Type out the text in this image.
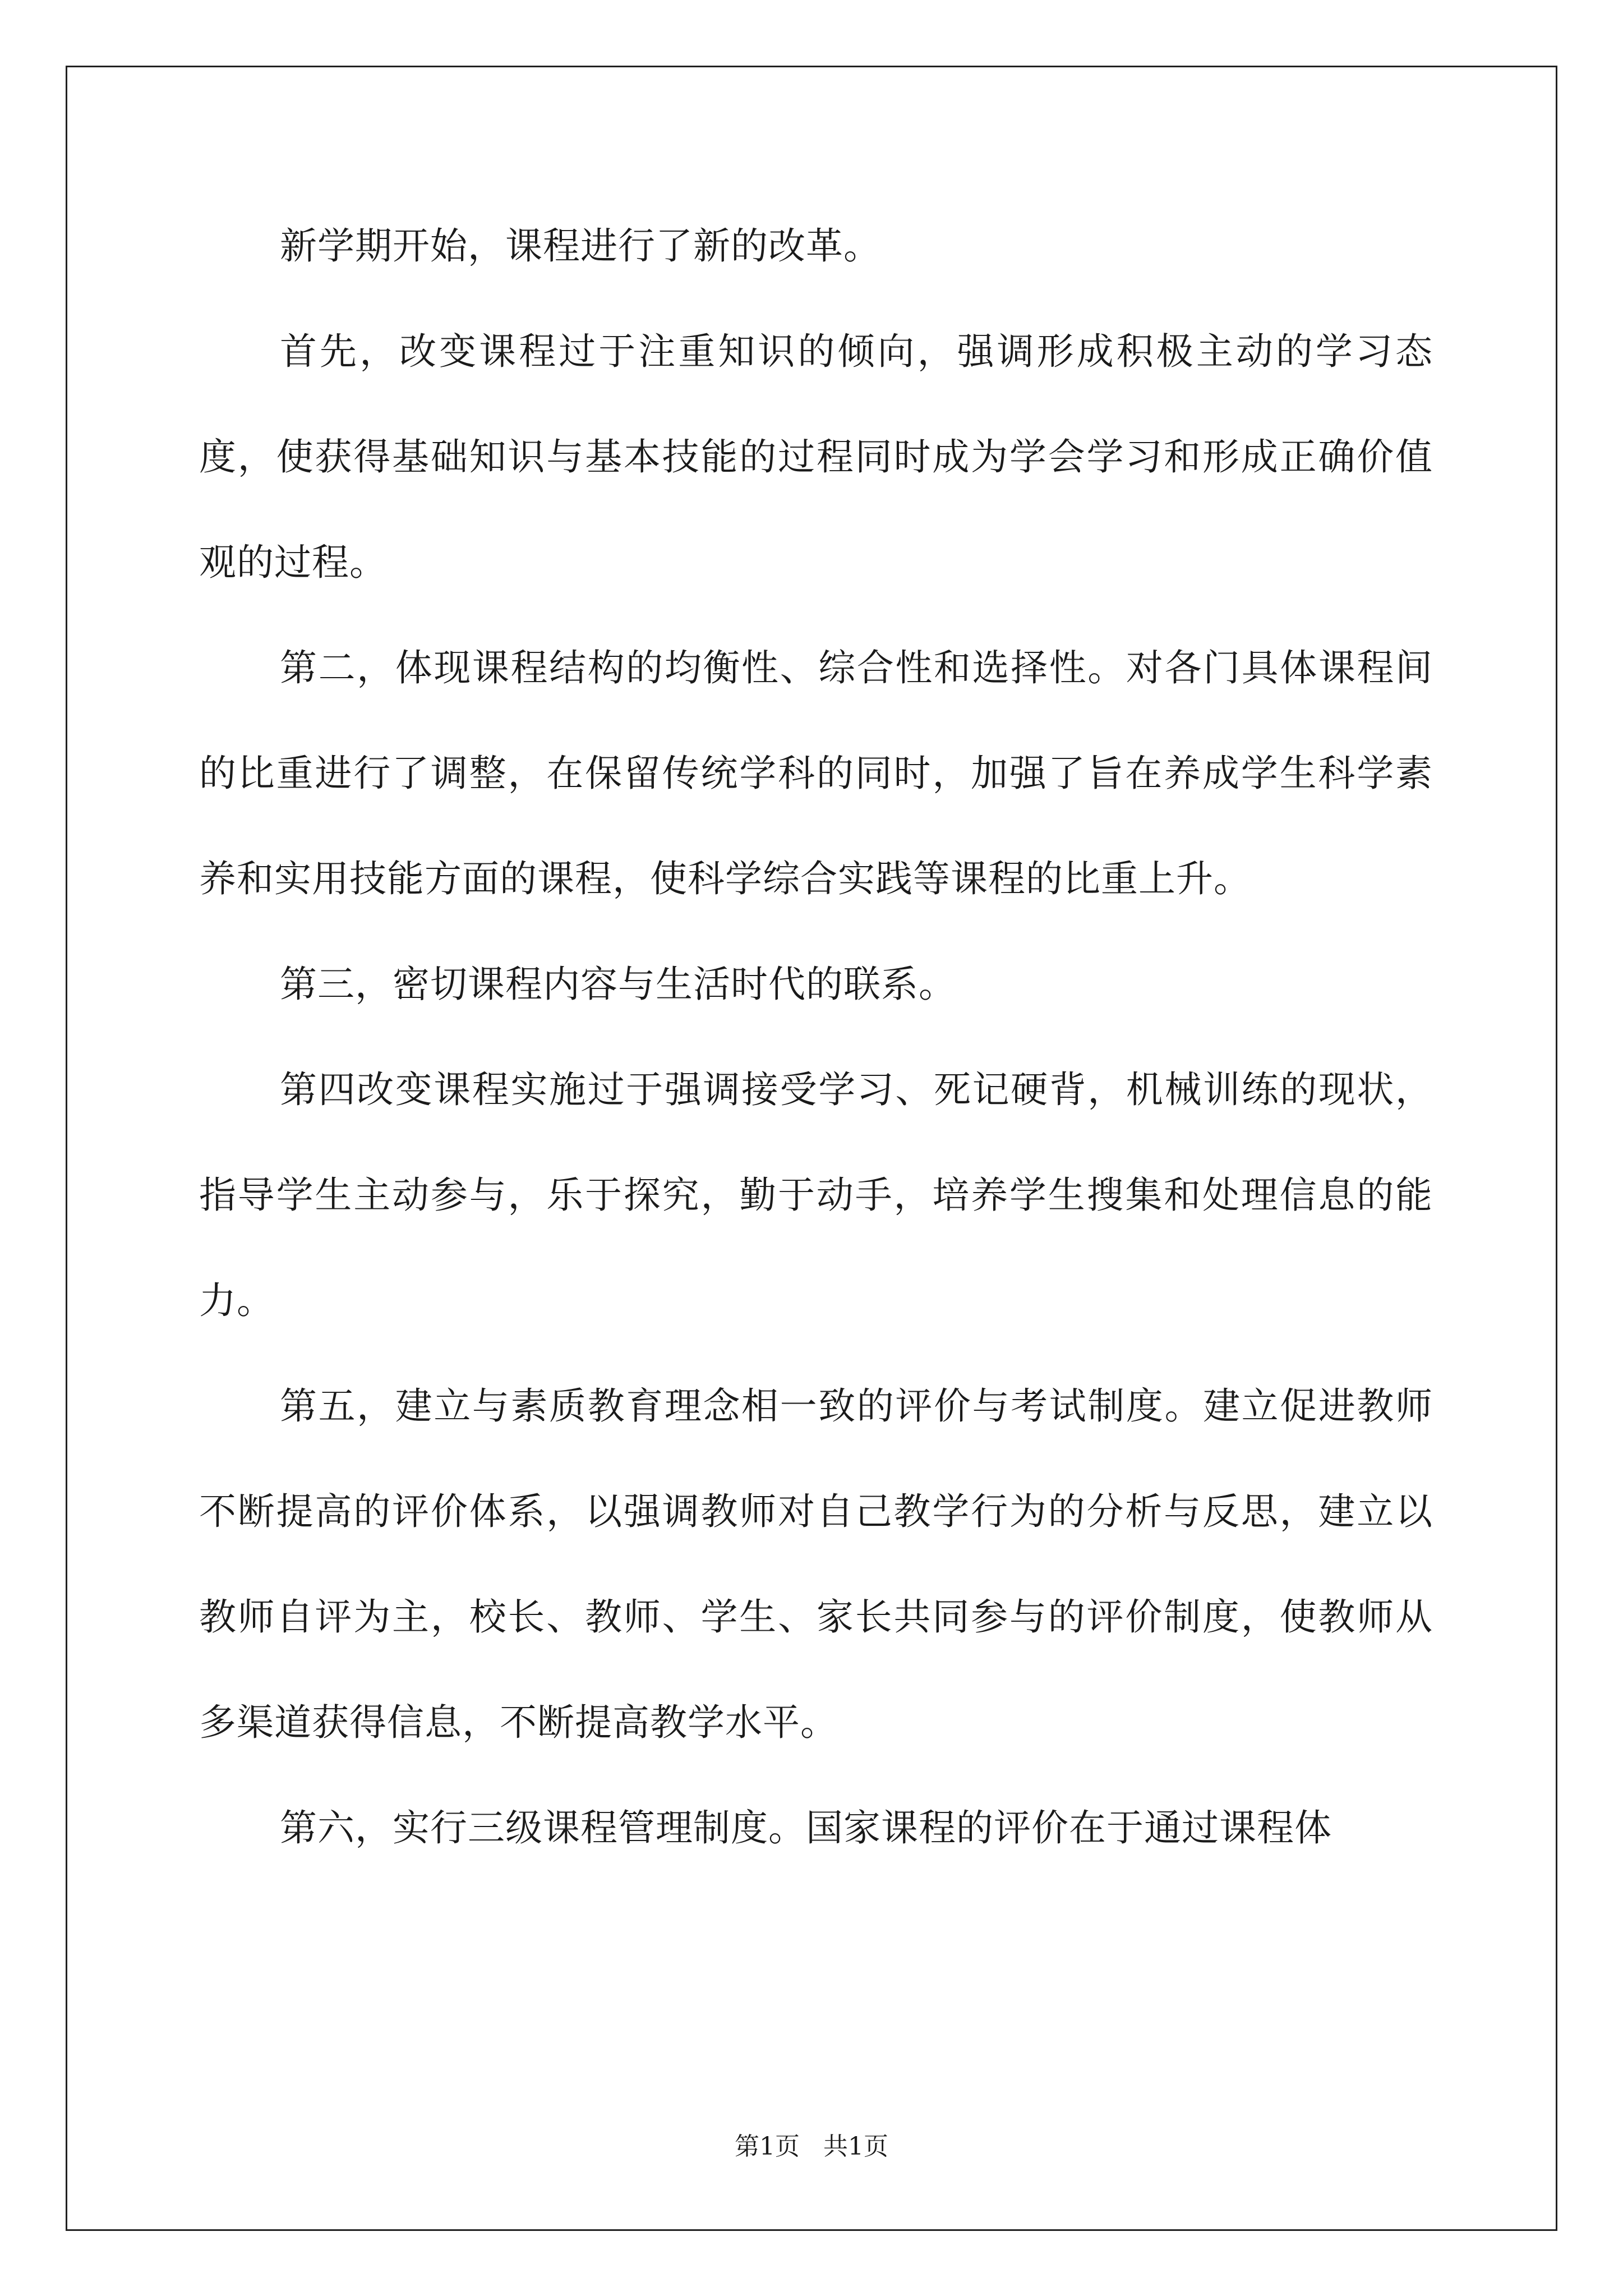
新学期开始，课程进行了新的改革。

首先，改变课程过于注重知识的倾向，强调形成积极主动的学习态度，使获得基础知识与基本技能的过程同时成为学会学习和形成正确价值观的过程。

第二，体现课程结构的均衡性、综合性和选择性。对各门具体课程间的比重进行了调整，在保留传统学科的同时，加强了旨在养成学生科学素养和实用技能方面的课程，使科学综合实践等课程的比重上升。

第三，密切课程内容与生活时代的联系。

第四改变课程实施过于强调接受学习、死记硬背，机械训练的现状，指导学生主动参与，乐于探究，勤于动手，培养学生搜集和处理信息的能力。

第五，建立与素质教育理念相一致的评价与考试制度。建立促进教师不断提高的评价体系，以强调教师对自己教学行为的分析与反思，建立以教师自评为主，校长、教师、学生、家长共同参与的评价制度，使教师从多渠道获得信息，不断提高教学水平。

第六，实行三级课程管理制度。国家课程的评价在于通过课程体

第1页 共1页
